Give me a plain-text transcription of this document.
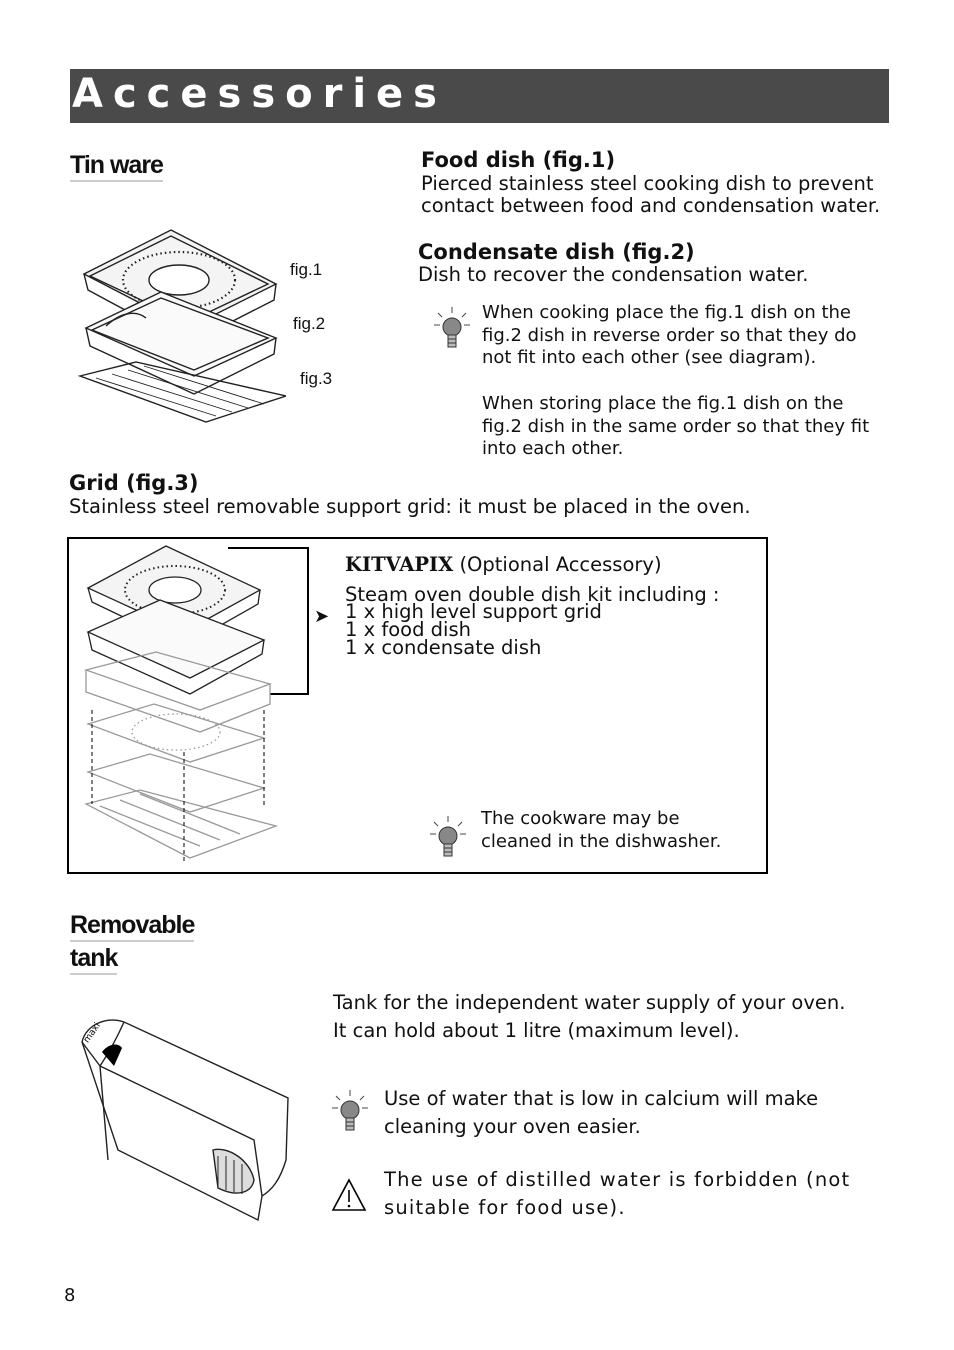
Accessories
Tin ware
fig.1
fig.2
fig.3
Food dish (fig.1)
Pierced stainless steel cooking dish to prevent
contact between food and condensation water.
Condensate dish (fig.2)
Dish to recover the condensation water.
When cooking place the fig.1 dish on the
fig.2 dish in reverse order so that they do
not fit into each other (see diagram).
When storing place the fig.1 dish on the
fig.2 dish in the same order so that they fit
into each other.
Grid (fig.3)
Stainless steel removable support grid: it must be placed in the oven.
➤
KITVAPIX (Optional Accessory)
Steam oven double dish kit including :
1 x high level support grid
1 x food dish
1 x condensate dish
The cookware may be
cleaned in the dishwasher.
Removable
tank
Tank for the independent water supply of your oven.
It can hold about 1 litre (maximum level).
maxi
Use of water that is low in calcium will make
cleaning your oven easier.
The use of distilled water is forbidden (not
suitable for food use).
8
